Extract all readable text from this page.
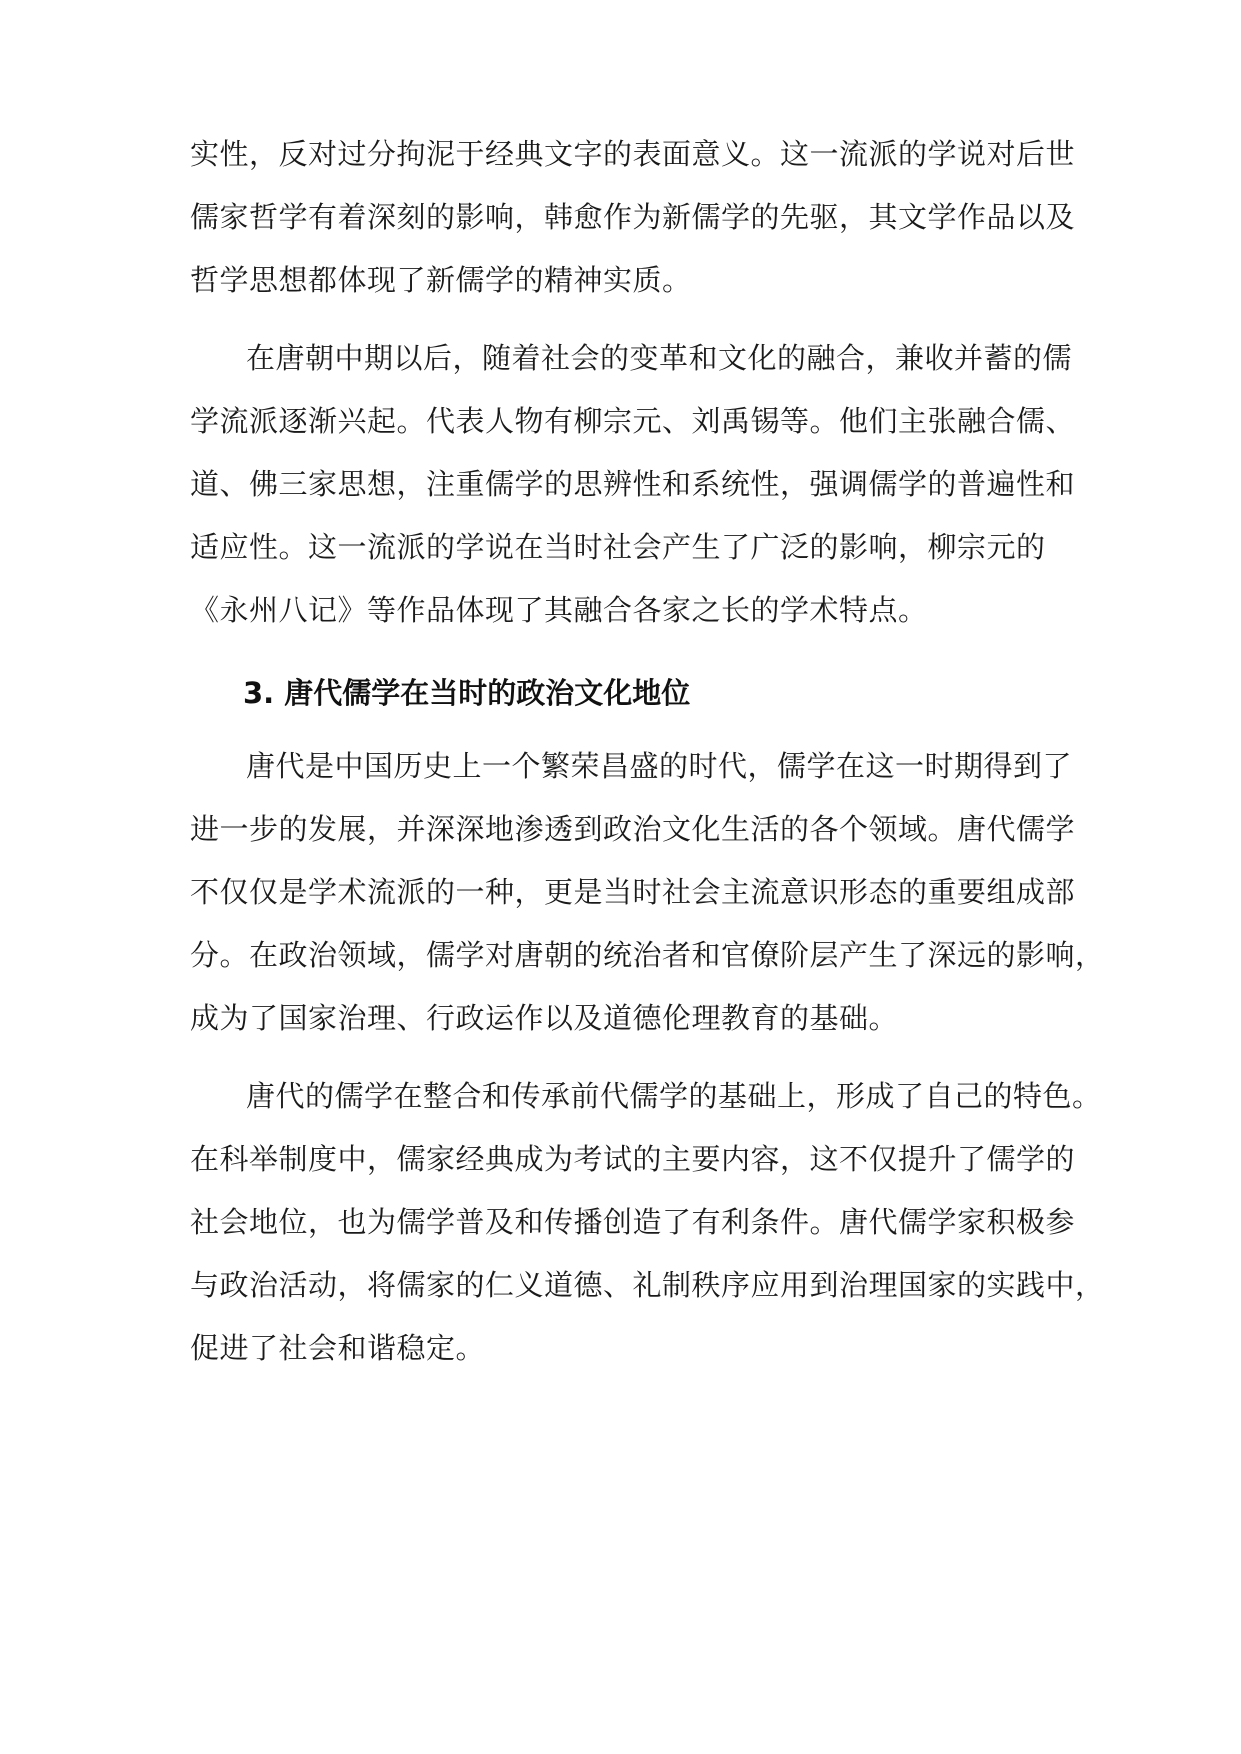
实性，反对过分拘泥于经典文字的表面意义。这一流派的学说对后世
儒家哲学有着深刻的影响，韩愈作为新儒学的先驱，其文学作品以及
哲学思想都体现了新儒学的精神实质。
在唐朝中期以后，随着社会的变革和文化的融合，兼收并蓄的儒
学流派逐渐兴起。代表人物有柳宗元、刘禹锡等。他们主张融合儒、
道、佛三家思想，注重儒学的思辨性和系统性，强调儒学的普遍性和
适应性。这一流派的学说在当时社会产生了广泛的影响，柳宗元的
《永州八记》等作品体现了其融合各家之长的学术特点。
3. 唐代儒学在当时的政治文化地位
唐代是中国历史上一个繁荣昌盛的时代，儒学在这一时期得到了
进一步的发展，并深深地渗透到政治文化生活的各个领域。唐代儒学
不仅仅是学术流派的一种，更是当时社会主流意识形态的重要组成部
分。在政治领域，儒学对唐朝的统治者和官僚阶层产生了深远的影响，
成为了国家治理、行政运作以及道德伦理教育的基础。
唐代的儒学在整合和传承前代儒学的基础上，形成了自己的特色。
在科举制度中，儒家经典成为考试的主要内容，这不仅提升了儒学的
社会地位，也为儒学普及和传播创造了有利条件。唐代儒学家积极参
与政治活动，将儒家的仁义道德、礼制秩序应用到治理国家的实践中，
促进了社会和谐稳定。
